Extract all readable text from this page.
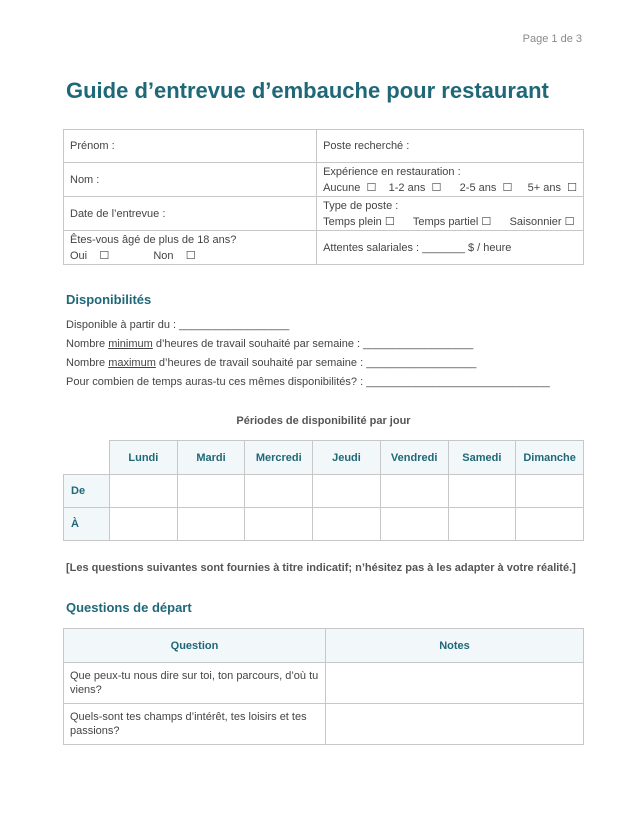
Page 1 de 3
Guide d’entrevue d’embauche pour restaurant
Prénom :	Poste recherché :
Nom :	Expérience en restauration :
Aucune ☐ 1-2 ans ☐ 2-5 ans ☐ 5+ ans ☐

Date de l’entrevue :	Type de poste :
Temps plein ☐ Temps partiel ☐ Saisonnier ☐

Êtes-vous âgé de plus de 18 ans?
Oui ☐ Non ☐	Attentes salariales : _______ $ / heure
Disponibilités
Disponible à partir du : __________________
Nombre minimum d’heures de travail souhaité par semaine : __________________
Nombre maximum d’heures de travail souhaité par semaine : __________________
Pour combien de temps auras-tu ces mêmes disponibilités? : ______________________________
Périodes de disponibilité par jour
	Lundi	Mardi	Mercredi	Jeudi	Vendredi	Samedi	Dimanche
De							
À							
[Les questions suivantes sont fournies à titre indicatif; n’hésitez pas à les adapter à votre réalité.]
Questions de départ
Question	Notes
Que peux-tu nous dire sur toi, ton parcours, d’où tu viens?	
Quels-sont tes champs d’intérêt, tes loisirs et tes passions?	
